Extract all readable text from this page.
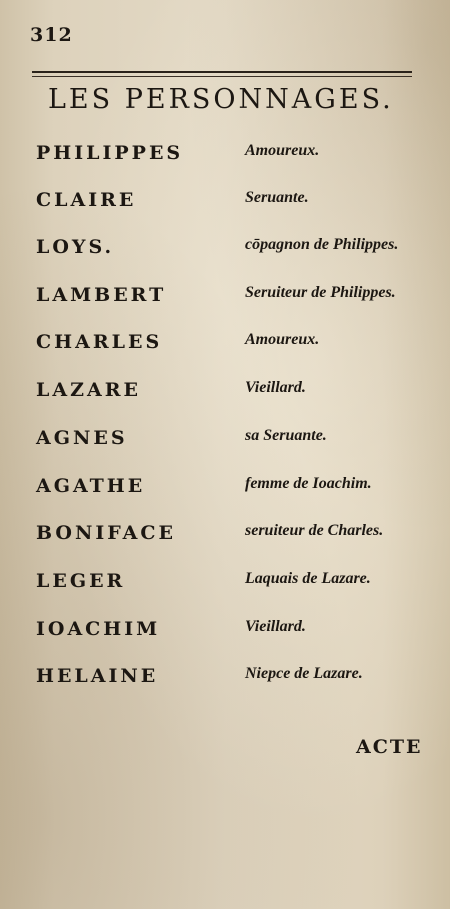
312
LES PERSONNAGES.
PHILIPPES	Amoureux.
CLAIRE	Seruante.
LOYS.	cōpagnon de Philippes.
LAMBERT	Seruiteur de Philippes.
CHARLES	Amoureux.
LAZARE	Vieillard.
AGNES	sa Seruante.
AGATHE	femme de Ioachim.
BONIFACE	seruiteur de Charles.
LEGER	Laquais de Lazare.
IOACHIM	Vieillard.
HELAINE	Niepce de Lazare.
ACTE
